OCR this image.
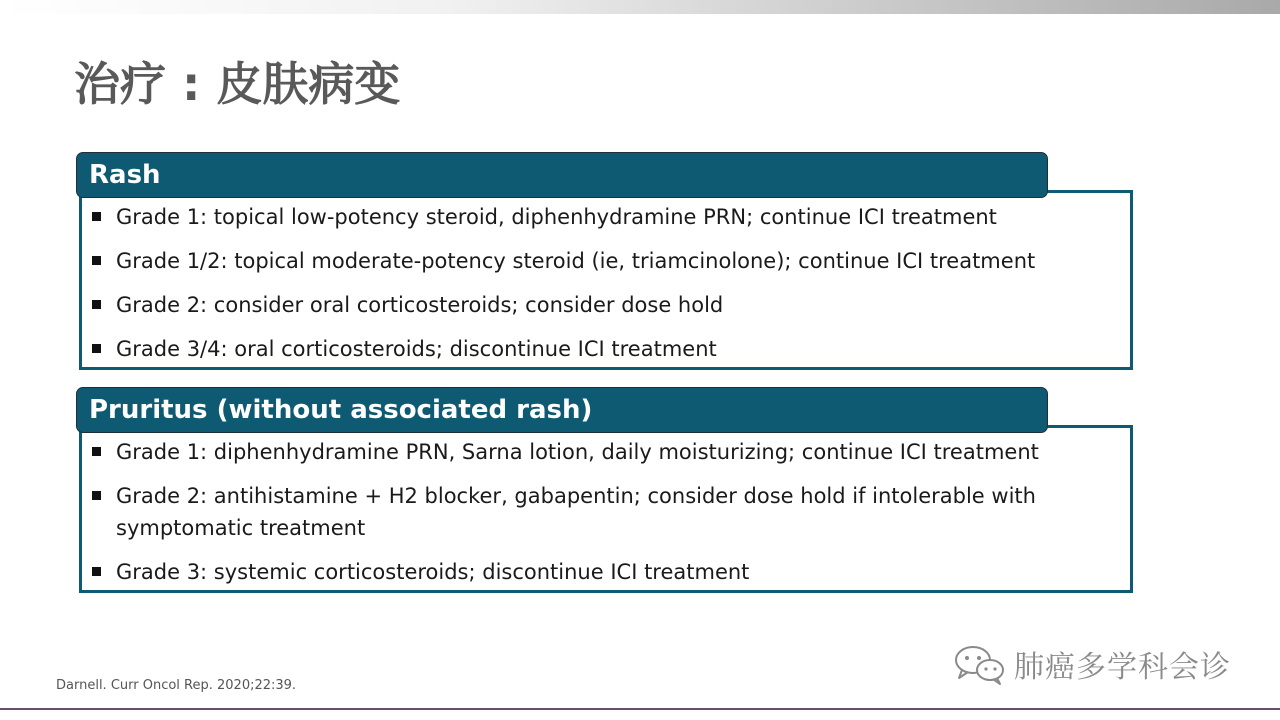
治疗 : 皮肤病变
Grade 1: topical low-potency steroid, diphenhydramine PRN; continue ICI treatment
Grade 1/2: topical moderate-potency steroid (ie, triamcinolone); continue ICI treatment
Grade 2: consider oral corticosteroids; consider dose hold
Grade 3/4: oral corticosteroids; discontinue ICI treatment
Rash
Grade 1: diphenhydramine PRN, Sarna lotion, daily moisturizing; continue ICI treatment
Grade 2: antihistamine + H2 blocker, gabapentin; consider dose hold if intolerable with symptomatic treatment
Grade 3: systemic corticosteroids; discontinue ICI treatment
Pruritus (without associated rash)
Darnell. Curr Oncol Rep. 2020;22:39.
肺癌多学科会诊
